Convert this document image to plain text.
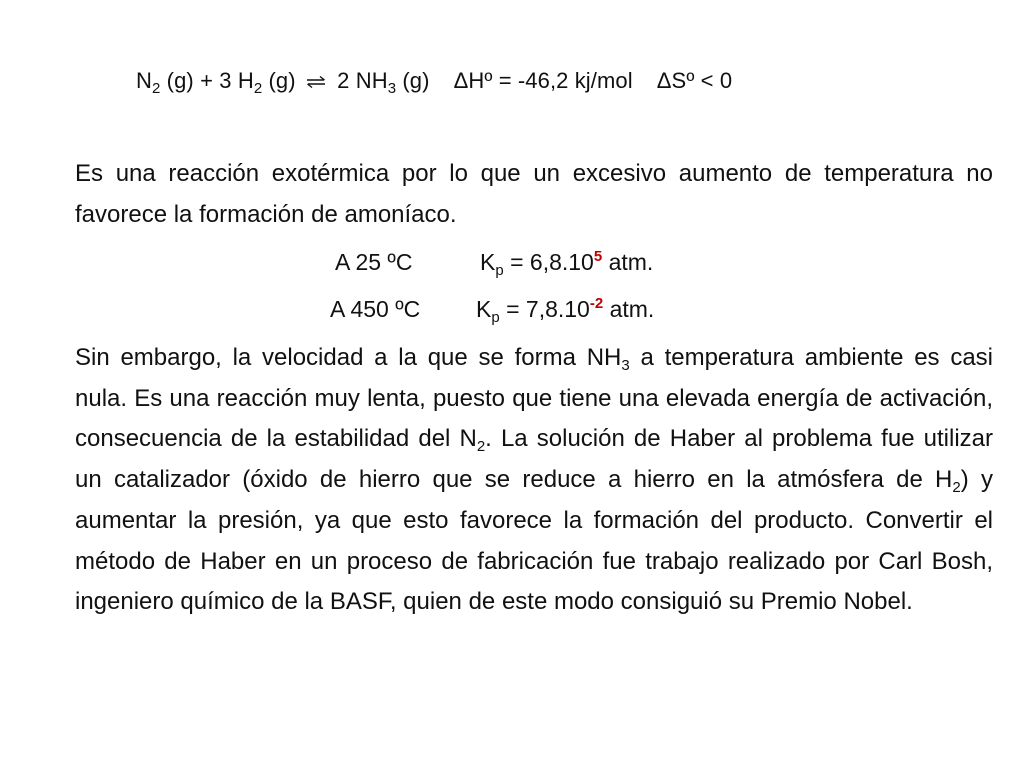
$N_2$ (g) + 3 $H_2$ (g) ⇌ 2 $NH_3$ (g) ΔHº = -46,2 kj/mol ΔSº < 0
Es una reacción exotérmica por lo que un excesivo aumento de temperatura no favorece la formación de amoníaco.
A 25 ºC	$K_p = 6,8.10^5$ atm.
A 450 ºC $K_p = 7,8.10^{-2}$ atm.
Sin embargo, la velocidad a la que se forma $NH_3$ a temperatura ambiente es casi nula. Es una reacción muy lenta, puesto que tiene una elevada energía de activación, consecuencia de la estabilidad del $N_2$. La solución de Haber al problema fue utilizar un catalizador (óxido de hierro que se reduce a hierro en la atmósfera de $H_2$) y aumentar la presión, ya que esto favorece la formación del producto. Convertir el método de Haber en un proceso de fabricación fue trabajo realizado por Carl Bosh, ingeniero químico de la BASF, quien de este modo consiguió su Premio Nobel.
